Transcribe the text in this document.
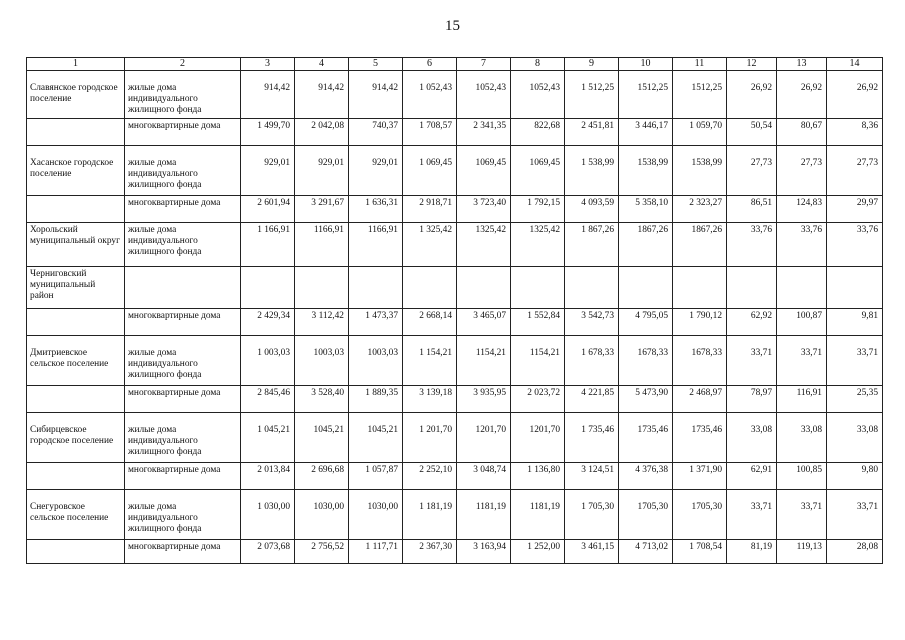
15
1	2	3	4	5	6	7	8	9	10	11	12	13	14
Славянское городское поселение	жилые дома индивидуального жилищного фонда	914,42	914,42	914,42	1 052,43	1052,43	1052,43	1 512,25	1512,25	1512,25	26,92	26,92	26,92
	многоквартирные дома	1 499,70	2 042,08	740,37	1 708,57	2 341,35	822,68	2 451,81	3 446,17	1 059,70	50,54	80,67	8,36
Хасанское городское поселение	жилые дома индивидуального жилищного фонда	929,01	929,01	929,01	1 069,45	1069,45	1069,45	1 538,99	1538,99	1538,99	27,73	27,73	27,73
	многоквартирные дома	2 601,94	3 291,67	1 636,31	2 918,71	3 723,40	1 792,15	4 093,59	5 358,10	2 323,27	86,51	124,83	29,97
Хорольский муниципальный округ	жилые дома индивидуального жилищного фонда	1 166,91	1166,91	1166,91	1 325,42	1325,42	1325,42	1 867,26	1867,26	1867,26	33,76	33,76	33,76
Черниговский муниципальный район													
	многоквартирные дома	2 429,34	3 112,42	1 473,37	2 668,14	3 465,07	1 552,84	3 542,73	4 795,05	1 790,12	62,92	100,87	9,81
Дмитриевское сельское поселение	жилые дома индивидуального жилищного фонда	1 003,03	1003,03	1003,03	1 154,21	1154,21	1154,21	1 678,33	1678,33	1678,33	33,71	33,71	33,71
	многоквартирные дома	2 845,46	3 528,40	1 889,35	3 139,18	3 935,95	2 023,72	4 221,85	5 473,90	2 468,97	78,97	116,91	25,35
Сибирцевское городское поселение	жилые дома индивидуального жилищного фонда	1 045,21	1045,21	1045,21	1 201,70	1201,70	1201,70	1 735,46	1735,46	1735,46	33,08	33,08	33,08
	многоквартирные дома	2 013,84	2 696,68	1 057,87	2 252,10	3 048,74	1 136,80	3 124,51	4 376,38	1 371,90	62,91	100,85	9,80
Снегуровское сельское поселение	жилые дома индивидуального жилищного фонда	1 030,00	1030,00	1030,00	1 181,19	1181,19	1181,19	1 705,30	1705,30	1705,30	33,71	33,71	33,71
	многоквартирные дома	2 073,68	2 756,52	1 117,71	2 367,30	3 163,94	1 252,00	3 461,15	4 713,02	1 708,54	81,19	119,13	28,08
